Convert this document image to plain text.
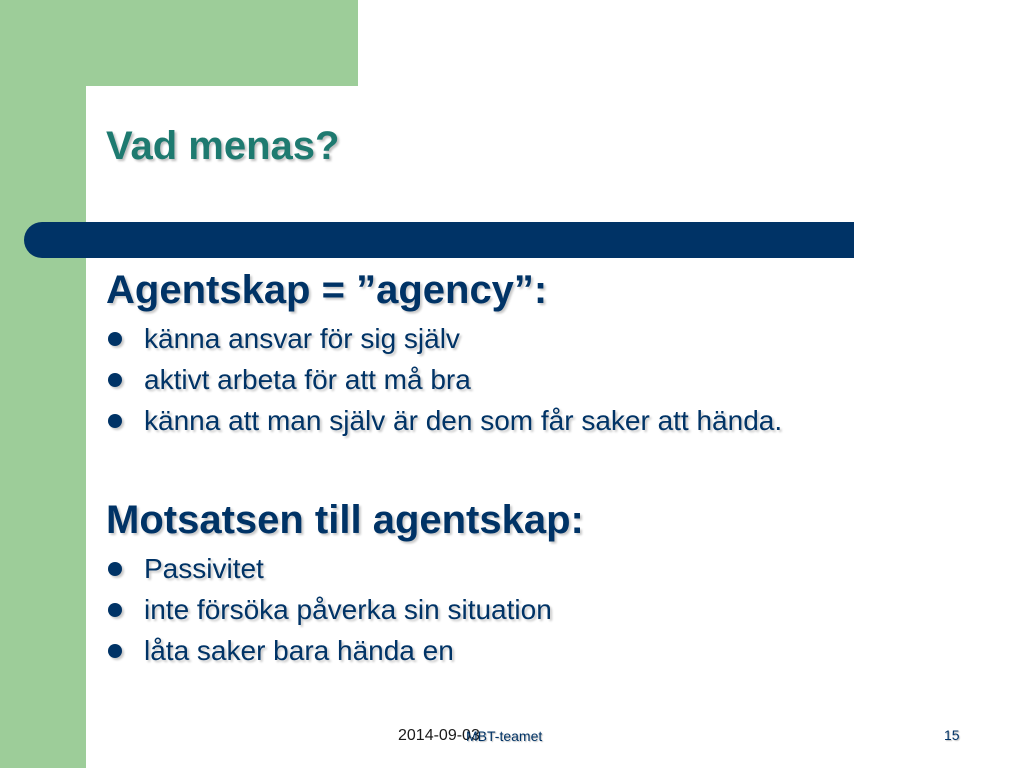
Vad menas?
Agentskap = ”agency”:
känna ansvar för sig själv
aktivt arbeta för att må bra
känna att man själv är den som får saker att hända.
Motsatsen till agentskap:
Passivitet
inte försöka påverka sin situation
låta saker bara hända en
2014-09-03
MBT-teamet	15
